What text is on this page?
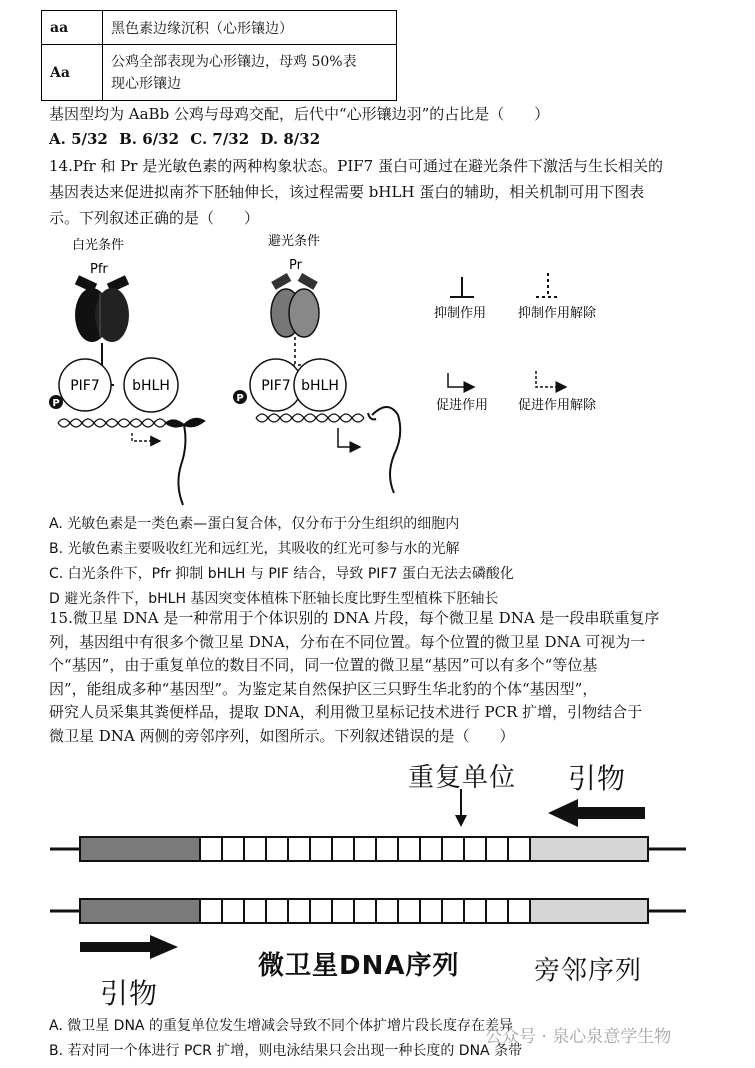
aa	黑色素边缘沉积（心形镶边）
Aa	公鸡全部表现为心形镶边，母鸡 50%表
现心形镶边
基因型均为 AaBb 公鸡与母鸡交配，后代中“心形镶边羽”的占比是（　　）
A. 5/32 B. 6/32 C. 7/32 D. 8/32
14.Pfr 和 Pr 是光敏色素的两种构象状态。PIF7 蛋白可通过在避光条件下激活与生长相关的
基因表达来促进拟南芥下胚轴伸长，该过程需要 bHLH 蛋白的辅助，相关机制可用下图表
示。下列叙述正确的是（　　）
白光条件
Pfr
避光条件
Pr
PIF7 bHLH
P
PIF7 bHLH
P
抑制作用 抑制作用解除
促进作用 促进作用解除
A. 光敏色素是一类色素—蛋白复合体，仅分布于分生组织的细胞内
B. 光敏色素主要吸收红光和远红光，其吸收的红光可参与水的光解
C. 白光条件下，Pfr 抑制 bHLH 与 PIF 结合，导致 PIF7 蛋白无法去磷酸化
D 避光条件下，bHLH 基因突变体植株下胚轴长度比野生型植株下胚轴长
15.微卫星 DNA 是一种常用于个体识别的 DNA 片段，每个微卫星 DNA 是一段串联重复序
列，基因组中有很多个微卫星 DNA，分布在不同位置。每个位置的微卫星 DNA 可视为一
个“基因”，由于重复单位的数目不同，同一位置的微卫星“基因”可以有多个“等位基
因”，能组成多种“基因型”。为鉴定某自然保护区三只野生华北豹的个体“基因型”，
研究人员采集其粪便样品，提取 DNA，利用微卫星标记技术进行 PCR 扩增，引物结合于
微卫星 DNA 两侧的旁邻序列，如图所示。下列叙述错误的是（　　）
重复单位 引物
微卫星DNA序列	旁邻序列
引物
A. 微卫星 DNA 的重复单位发生增减会导致不同个体扩增片段长度存在差异
B. 若对同一个体进行 PCR 扩增，则电泳结果只会出现一种长度的 DNA 条带
公众号 · 泉心泉意学生物
